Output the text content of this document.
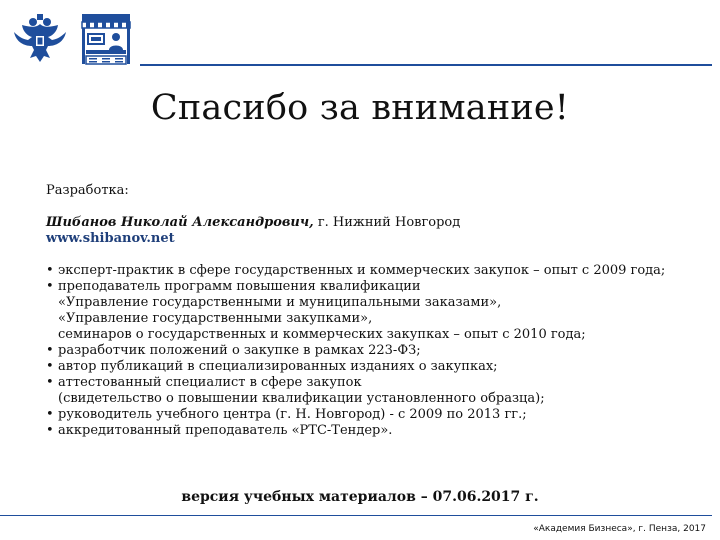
Спасибо за внимание!

Разработка:

Шибанов Николай Александрович, г. Нижний Новгород

www.shibanov.net

• эксперт-практик в сфере государственных и коммерческих закупок – опыт с 2009 года;
• преподаватель программ повышения квалификации
«Управление государственными и муниципальными заказами»,
«Управление государственными закупками»,
семинаров о государственных и коммерческих закупках – опыт с 2010 года;
• разработчик положений о закупке в рамках 223-ФЗ;
• автор публикаций в специализированных изданиях о закупках;
• аттестованный специалист в сфере закупок
(свидетельство о повышении квалификации установленного образца);
• руководитель учебного центра (г. Н. Новгород) - с 2009 по 2013 гг.;
• аккредитованный преподаватель «РТС-Тендер».
версия учебных материалов – 07.06.2017 г.
«Академия Бизнеса», г. Пенза, 2017
